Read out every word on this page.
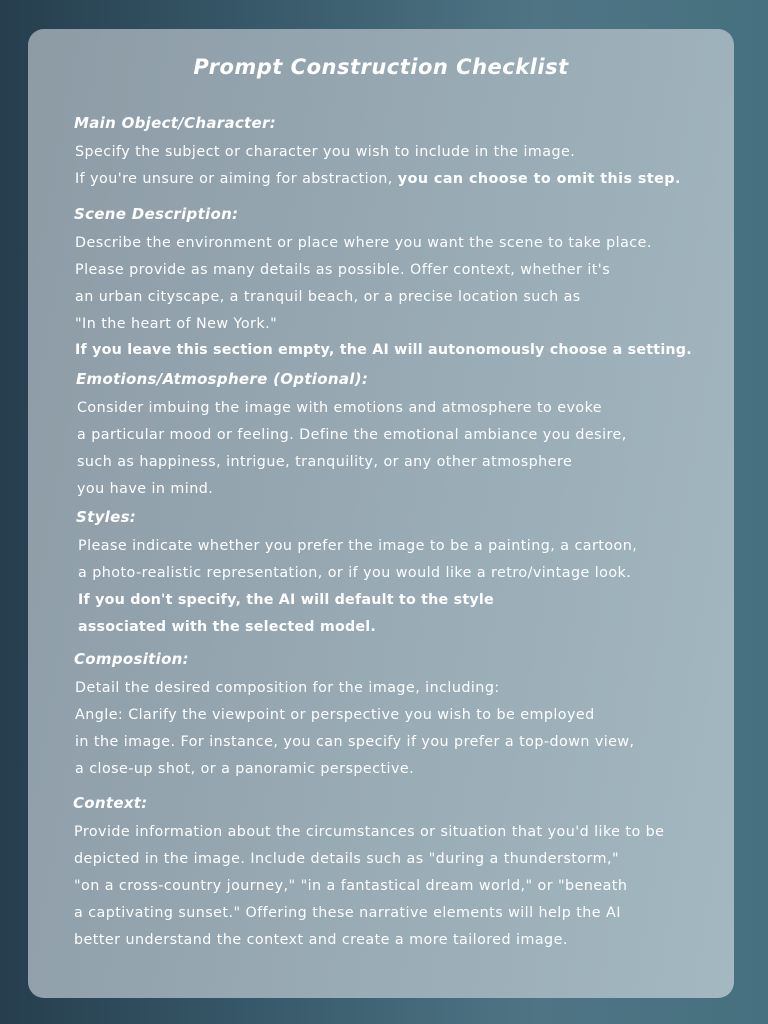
Prompt Construction Checklist
Main Object/Character:
Specify the subject or character you wish to include in the image.
If you're unsure or aiming for abstraction, you can choose to omit this step.
Scene Description:
Describe the environment or place where you want the scene to take place.
Please provide as many details as possible. Offer context, whether it's
an urban cityscape, a tranquil beach, or a precise location such as
"In the heart of New York."
If you leave this section empty, the AI will autonomously choose a setting.
Emotions/Atmosphere (Optional):
Consider imbuing the image with emotions and atmosphere to evoke
a particular mood or feeling. Define the emotional ambiance you desire,
such as happiness, intrigue, tranquility, or any other atmosphere
you have in mind.
Styles:
Please indicate whether you prefer the image to be a painting, a cartoon,
a photo-realistic representation, or if you would like a retro/vintage look.
If you don't specify, the AI will default to the style
associated with the selected model.
Composition:
Detail the desired composition for the image, including:
Angle: Clarify the viewpoint or perspective you wish to be employed
in the image. For instance, you can specify if you prefer a top-down view,
a close-up shot, or a panoramic perspective.
Context:
Provide information about the circumstances or situation that you'd like to be
depicted in the image. Include details such as "during a thunderstorm,"
"on a cross-country journey," "in a fantastical dream world," or "beneath
a captivating sunset." Offering these narrative elements will help the AI
better understand the context and create a more tailored image.
